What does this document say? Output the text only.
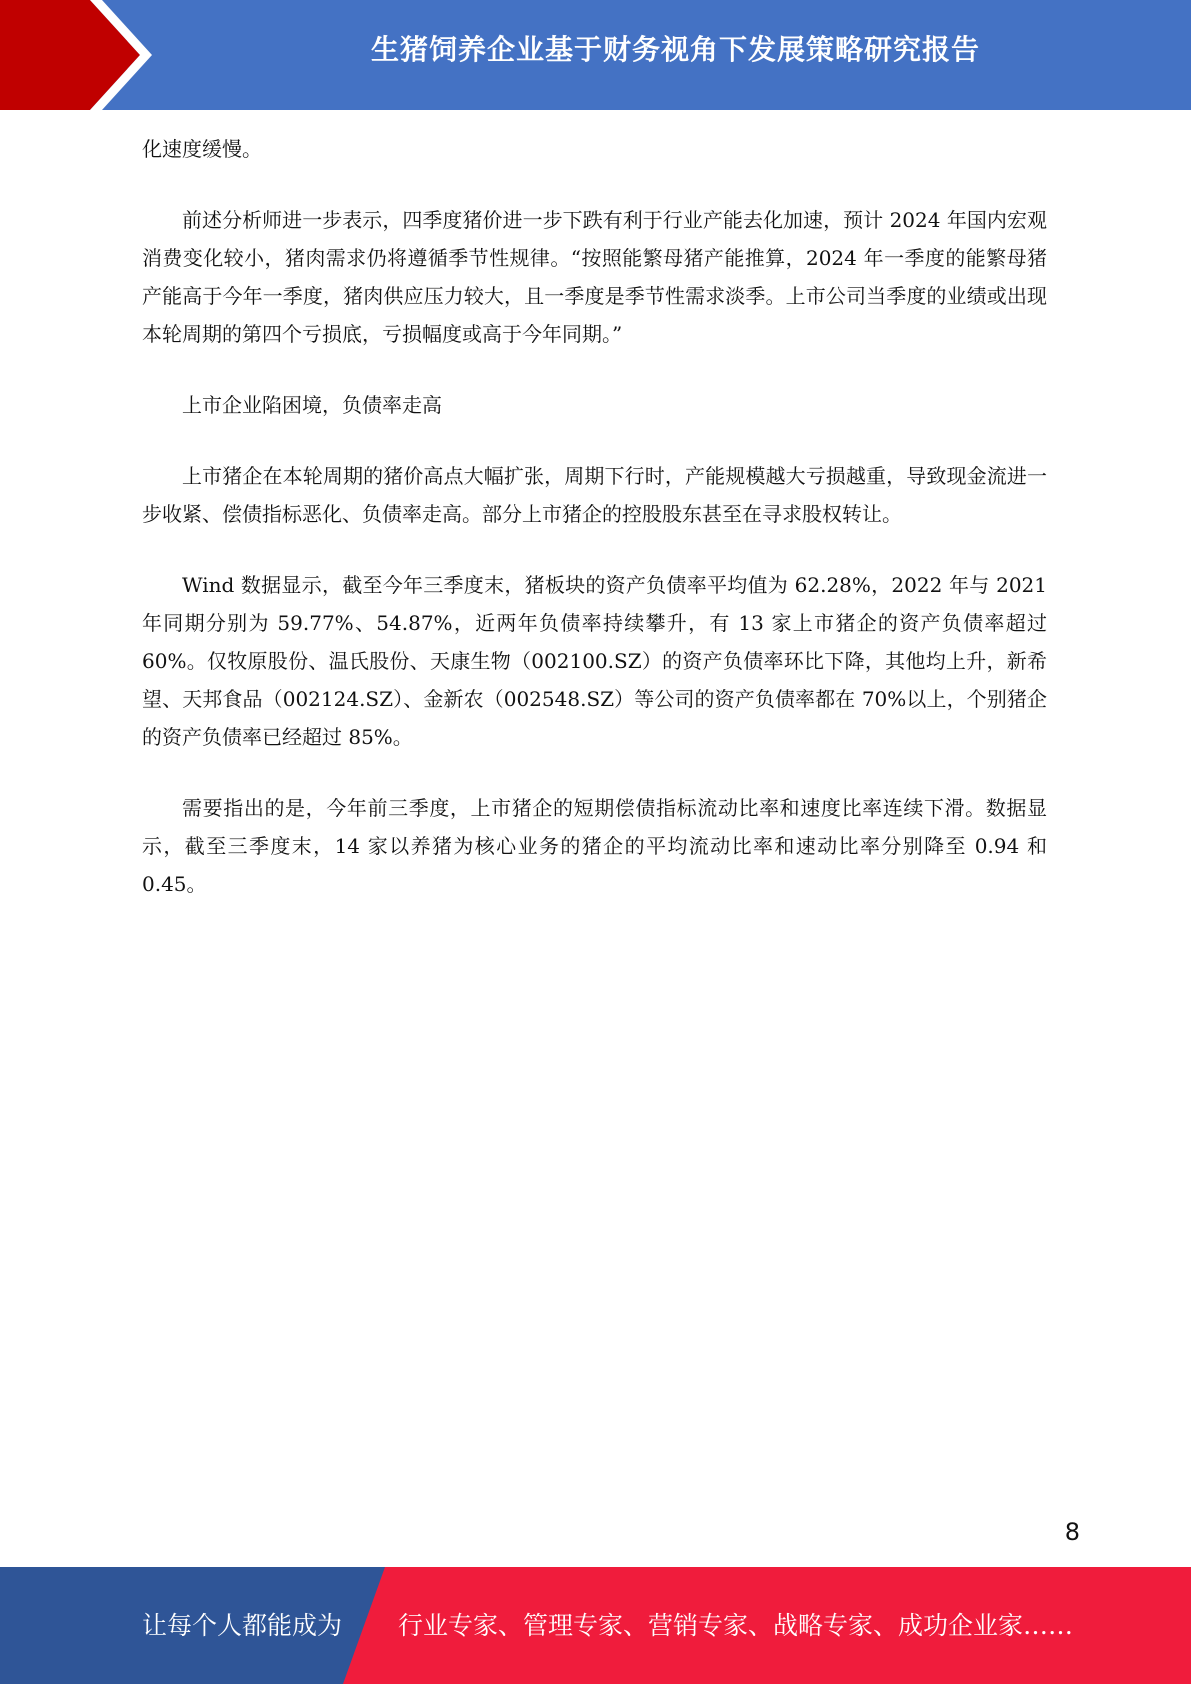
生猪饲养企业基于财务视角下发展策略研究报告

化速度缓慢。

前述分析师进一步表示，四季度猪价进一步下跌有利于行业产能去化加速，预计 2024 年国内宏观消费变化较小，猪肉需求仍将遵循季节性规律。“按照能繁母猪产能推算，2024 年一季度的能繁母猪产能高于今年一季度，猪肉供应压力较大，且一季度是季节性需求淡季。上市公司当季度的业绩或出现本轮周期的第四个亏损底，亏损幅度或高于今年同期。”

上市企业陷困境，负债率走高

上市猪企在本轮周期的猪价高点大幅扩张，周期下行时，产能规模越大亏损越重，导致现金流进一步收紧、偿债指标恶化、负债率走高。部分上市猪企的控股股东甚至在寻求股权转让。

Wind 数据显示，截至今年三季度末，猪板块的资产负债率平均值为 62.28%，2022 年与 2021 年同期分别为 59.77%、54.87%，近两年负债率持续攀升，有 13 家上市猪企的资产负债率超过 60%。仅牧原股份、温氏股份、天康生物（002100.SZ）的资产负债率环比下降，其他均上升，新希望、天邦食品（002124.SZ）、金新农（002548.SZ）等公司的资产负债率都在 70%以上，个别猪企的资产负债率已经超过 85%。

需要指出的是，今年前三季度，上市猪企的短期偿债指标流动比率和速度比率连续下滑。数据显示，截至三季度末，14 家以养猪为核心业务的猪企的平均流动比率和速动比率分别降至 0.94 和 0.45。

8
让每个人都能成为 行业专家、管理专家、营销专家、战略专家、成功企业家……
